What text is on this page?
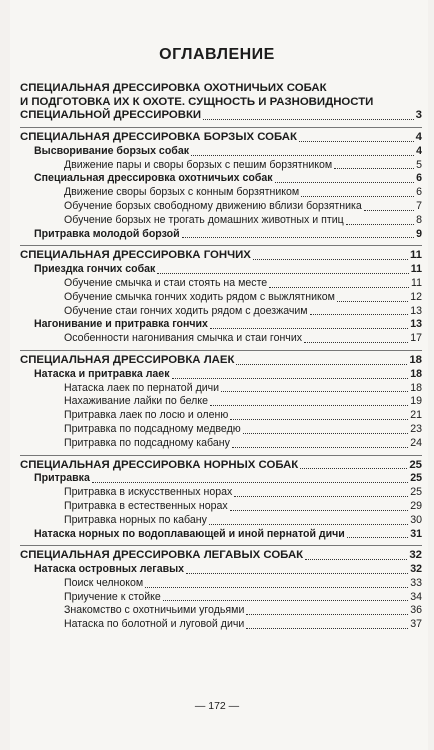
ОГЛАВЛЕНИЕ
СПЕЦИАЛЬНАЯ ДРЕССИРОВКА ОХОТНИЧЬИХ СОБАК
И ПОДГОТОВКА ИХ К ОХОТЕ. СУЩНОСТЬ И РАЗНОВИДНОСТИ
СПЕЦИАЛЬНОЙ ДРЕССИРОВКИ	3
СПЕЦИАЛЬНАЯ ДРЕССИРОВКА БОРЗЫХ СОБАК	4
Высворивание борзых собак	4
Движение пары и своры борзых с пешим борзятником	5
Специальная дрессировка охотничьих собак	6
Движение своры борзых с конным борзятником	6
Обучение борзых свободному движению вблизи борзятника	7
Обучение борзых не трогать домашних животных и птиц	8
Притравка молодой борзой	9
СПЕЦИАЛЬНАЯ ДРЕССИРОВКА ГОНЧИХ	11
Приездка гончих собак	11
Обучение смычка и стаи стоять на месте	11
Обучение смычка гончих ходить рядом с выжлятником	12
Обучение стаи гончих ходить рядом с доезжачим	13
Нагонивание и притравка гончих	13
Особенности нагонивания смычка и стаи гончих	17
СПЕЦИАЛЬНАЯ ДРЕССИРОВКА ЛАЕК	18
Натаска и притравка лаек	18
Натаска лаек по пернатой дичи	18
Нахаживание лайки по белке	19
Притравка лаек по лосю и оленю	21
Притравка по подсадному медведю	23
Притравка по подсадному кабану	24
СПЕЦИАЛЬНАЯ ДРЕССИРОВКА НОРНЫХ СОБАК	25
Притравка	25
Притравка в искусственных норах	25
Притравка в естественных норах	29
Притравка норных по кабану	30
Натаска норных по водоплавающей и иной пернатой дичи	31
СПЕЦИАЛЬНАЯ ДРЕССИРОВКА ЛЕГАВЫХ СОБАК	32
Натаска островных легавых	32
Поиск челноком	33
Приучение к стойке	34
Знакомство с охотничьими угодьями	36
Натаска по болотной и луговой дичи	37
— 172 —
